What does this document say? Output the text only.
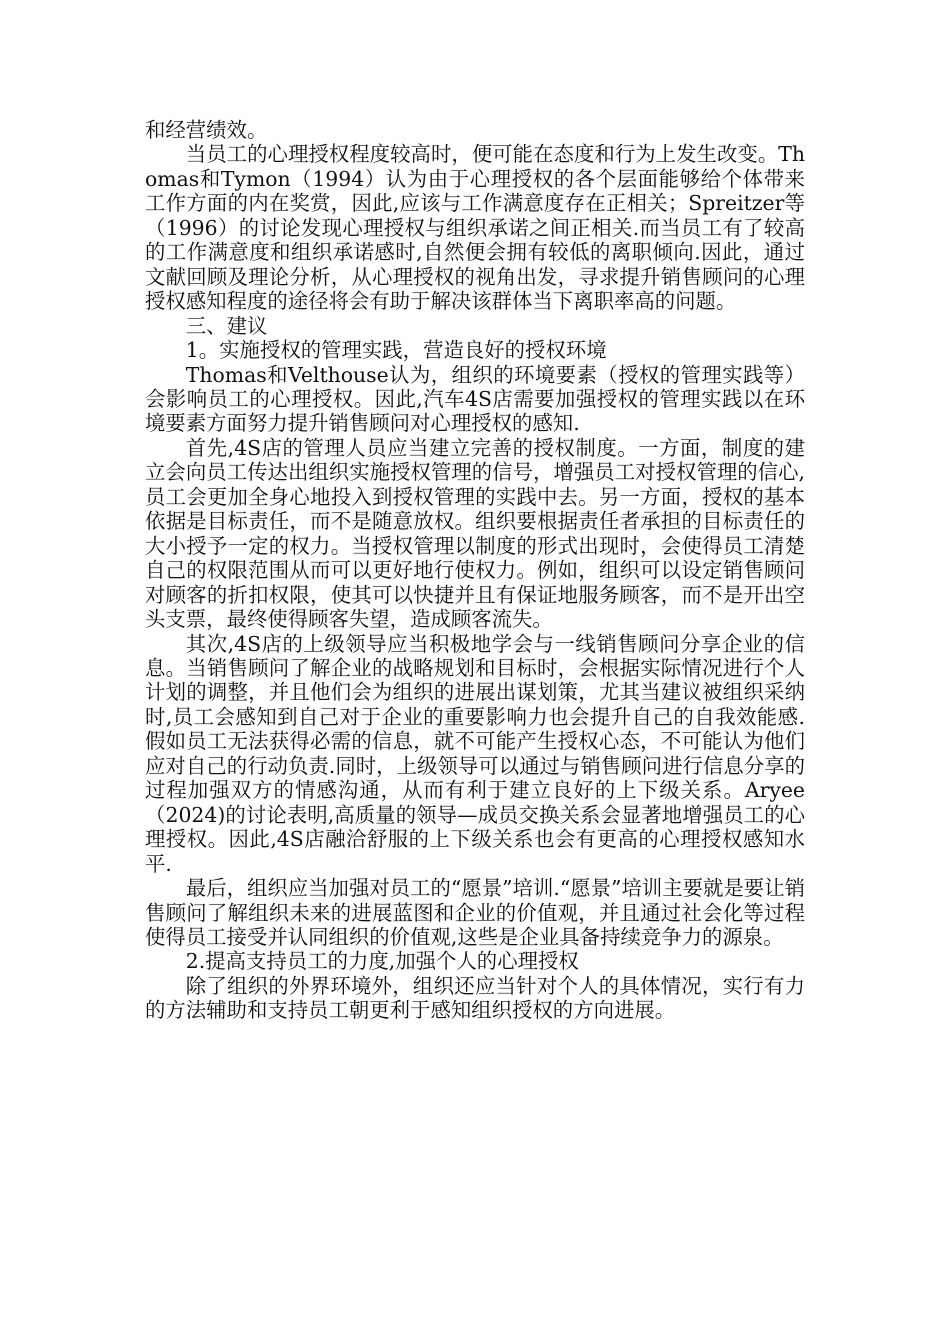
和经营绩效。

当员工的心理授权程度较高时，便可能在态度和行为上发生改变。Thomas和Tymon（1994）认为由于心理授权的各个层面能够给个体带来工作方面的内在奖赏，因此,应该与工作满意度存在正相关；Spreitzer等（1996）的讨论发现心理授权与组织承诺之间正相关.而当员工有了较高的工作满意度和组织承诺感时,自然便会拥有较低的离职倾向.因此，通过文献回顾及理论分析，从心理授权的视角出发，寻求提升销售顾问的心理授权感知程度的途径将会有助于解决该群体当下离职率高的问题。

三、建议

1。实施授权的管理实践，营造良好的授权环境

Thomas和Velthouse认为，组织的环境要素（授权的管理实践等）会影响员工的心理授权。因此,汽车4S店需要加强授权的管理实践以在环境要素方面努力提升销售顾问对心理授权的感知.

首先,4S店的管理人员应当建立完善的授权制度。一方面，制度的建立会向员工传达出组织实施授权管理的信号，增强员工对授权管理的信心,员工会更加全身心地投入到授权管理的实践中去。另一方面，授权的基本依据是目标责任，而不是随意放权。组织要根据责任者承担的目标责任的大小授予一定的权力。当授权管理以制度的形式出现时，会使得员工清楚自己的权限范围从而可以更好地行使权力。例如，组织可以设定销售顾问对顾客的折扣权限，使其可以快捷并且有保证地服务顾客，而不是开出空头支票，最终使得顾客失望，造成顾客流失。

其次,4S店的上级领导应当积极地学会与一线销售顾问分享企业的信息。当销售顾问了解企业的战略规划和目标时，会根据实际情况进行个人计划的调整，并且他们会为组织的进展出谋划策，尤其当建议被组织采纳时,员工会感知到自己对于企业的重要影响力也会提升自己的自我效能感.假如员工无法获得必需的信息，就不可能产生授权心态，不可能认为他们应对自己的行动负责.同时，上级领导可以通过与销售顾问进行信息分享的过程加强双方的情感沟通，从而有利于建立良好的上下级关系。Aryee（2024)的讨论表明,高质量的领导—成员交换关系会显著地增强员工的心理授权。因此,4S店融洽舒服的上下级关系也会有更高的心理授权感知水平.

最后，组织应当加强对员工的“愿景”培训.“愿景”培训主要就是要让销售顾问了解组织未来的进展蓝图和企业的价值观，并且通过社会化等过程使得员工接受并认同组织的价值观,这些是企业具备持续竞争力的源泉。

2.提高支持员工的力度,加强个人的心理授权

除了组织的外界环境外，组织还应当针对个人的具体情况，实行有力的方法辅助和支持员工朝更利于感知组织授权的方向进展。
